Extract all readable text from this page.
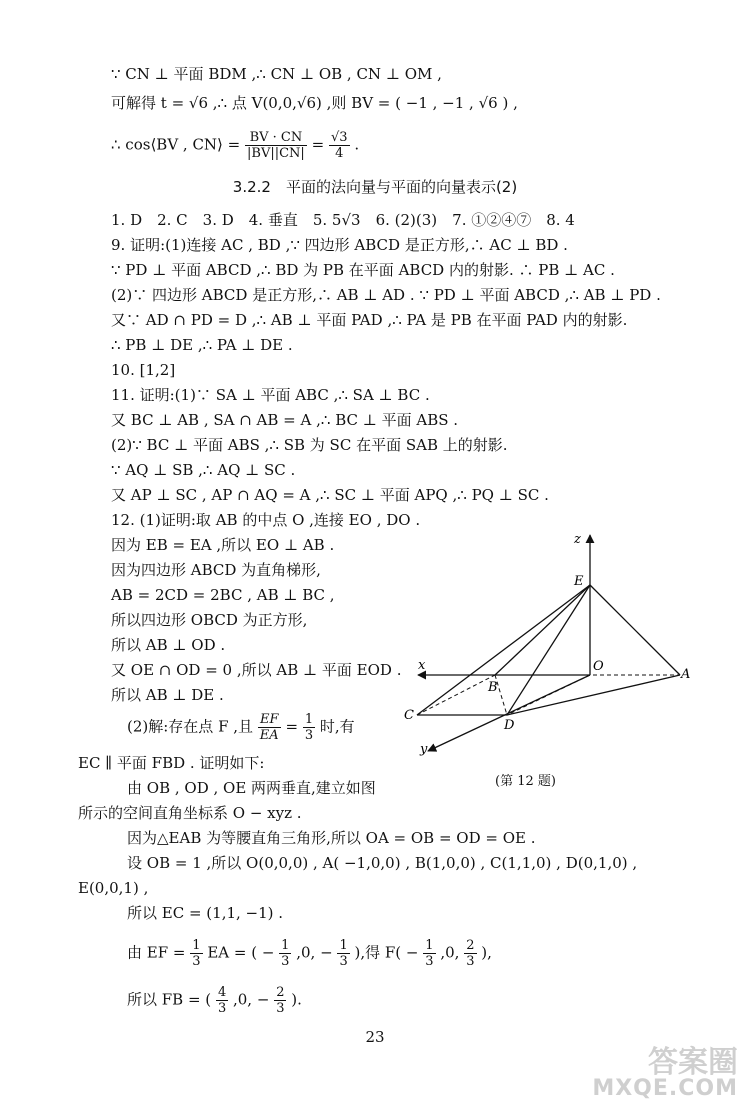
∵ CN ⊥ 平面 BDM ,∴ CN ⊥ OB , CN ⊥ OM ,
可解得 t = √6 ,∴ 点 V(0,0,√6) ,则 BV = ( −1 , −1 , √6 ) ,
∴ cos⟨BV , CN⟩ = $\frac{BV \cdot CN}{|BV||CN|} = \frac{√3}{4}$ .
3.2.2　平面的法向量与平面的向量表示(2)
1. D　2. C　3. D　4. 垂直　5. 5√3　6. (2)(3)　7. ①②④⑦　8. 4
9. 证明:(1)连接 AC , BD ,∵ 四边形 ABCD 是正方形,∴ AC ⊥ BD .
∵ PD ⊥ 平面 ABCD ,∴ BD 为 PB 在平面 ABCD 内的射影. ∴ PB ⊥ AC .
(2)∵ 四边形 ABCD 是正方形,∴ AB ⊥ AD . ∵ PD ⊥ 平面 ABCD ,∴ AB ⊥ PD .
又∵ AD ∩ PD = D ,∴ AB ⊥ 平面 PAD ,∴ PA 是 PB 在平面 PAD 内的射影.
∴ PB ⊥ DE ,∴ PA ⊥ DE .
10. [1,2]
11. 证明:(1)∵ SA ⊥ 平面 ABC ,∴ SA ⊥ BC .
又 BC ⊥ AB , SA ∩ AB = A ,∴ BC ⊥ 平面 ABS .
(2)∵ BC ⊥ 平面 ABS ,∴ SB 为 SC 在平面 SAB 上的射影.
∵ AQ ⊥ SB ,∴ AQ ⊥ SC .
又 AP ⊥ SC , AP ∩ AQ = A ,∴ SC ⊥ 平面 APQ ,∴ PQ ⊥ SC .
12. (1)证明:取 AB 的中点 O ,连接 EO , DO .
因为 EB = EA ,所以 EO ⊥ AB .
因为四边形 ABCD 为直角梯形,
AB = 2CD = 2BC , AB ⊥ BC ,
所以四边形 OBCD 为正方形,
所以 AB ⊥ OD .
又 OE ∩ OD = 0 ,所以 AB ⊥ 平面 EOD .
所以 AB ⊥ DE .
(2)解:存在点 F ,且 $\frac{EF}{EA} = \frac{1}{3}$ 时,有
EC ∥ 平面 FBD . 证明如下:
由 OB , OD , OE 两两垂直,建立如图
所示的空间直角坐标系 O − xyz .
因为△EAB 为等腰直角三角形,所以 OA = OB = OD = OE .
设 OB = 1 ,所以 O(0,0,0) , A( −1,0,0) , B(1,0,0) , C(1,1,0) , D(0,1,0) ,
E(0,0,1) ,
所以 EC = (1,1, −1) .
由 EF = $\frac{1}{3}$ EA = ( − $\frac{1}{3} ,0$, − $\frac{1}{3}$ ),得 $F( - \frac{1}{3} ,0$, $\frac{2}{3}$ ),
所以 FB = ( $\frac{4}{3} ,0$, − $\frac{2}{3}$ ).
z
x
y
E
O
A
B
C
D
(第 12 题)
23
答案圈
MXQE.COM
